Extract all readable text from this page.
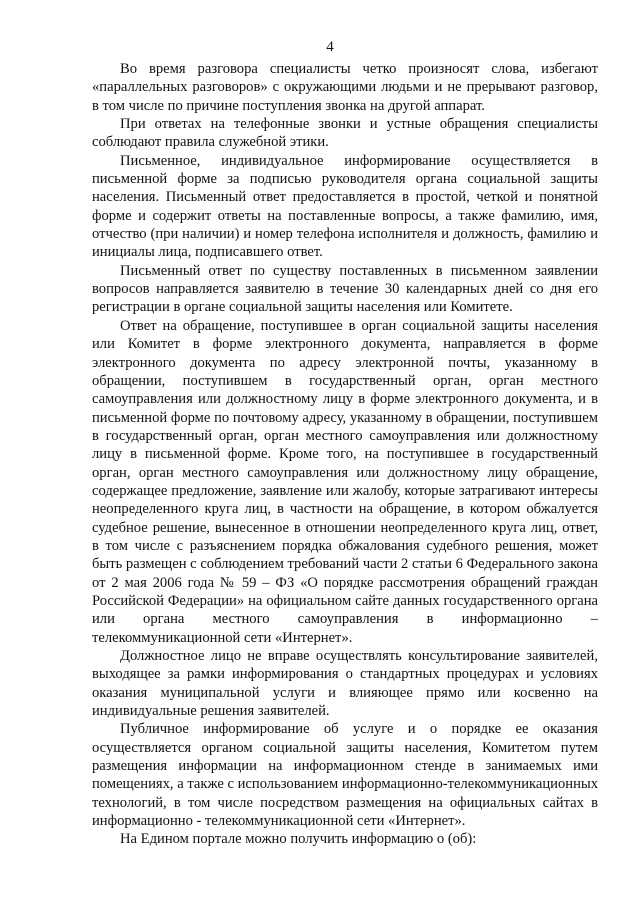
4

Во время разговора специалисты четко произносят слова, избегают «параллельных разговоров» с окружающими людьми и не прерывают разговор, в том числе по причине поступления звонка на другой аппарат.

При ответах на телефонные звонки и устные обращения специалисты соблюдают правила служебной этики.

Письменное, индивидуальное информирование осуществляется в письменной форме за подписью руководителя органа социальной защиты населения. Письменный ответ предоставляется в простой, четкой и понятной форме и содержит ответы на поставленные вопросы, а также фамилию, имя, отчество (при наличии) и номер телефона исполнителя и должность, фамилию и инициалы лица, подписавшего ответ.

Письменный ответ по существу поставленных в письменном заявлении вопросов направляется заявителю в течение 30 календарных дней со дня его регистрации в органе социальной защиты населения или Комитете.

Ответ на обращение, поступившее в орган социальной защиты населения или Комитет в форме электронного документа, направляется в форме электронного документа по адресу электронной почты, указанному в обращении, поступившем в государственный орган, орган местного самоуправления или должностному лицу в форме электронного документа, и в письменной форме по почтовому адресу, указанному в обращении, поступившем в государственный орган, орган местного самоуправления или должностному лицу в письменной форме. Кроме того, на поступившее в государственный орган, орган местного самоуправления или должностному лицу обращение, содержащее предложение, заявление или жалобу, которые затрагивают интересы неопределенного круга лиц, в частности на обращение, в котором обжалуется судебное решение, вынесенное в отношении неопределенного круга лиц, ответ, в том числе с разъяснением порядка обжалования судебного решения, может быть размещен с соблюдением требований части 2 статьи 6 Федерального закона от 2 мая 2006 года № 59 – ФЗ «О порядке рассмотрения обращений граждан Российской Федерации» на официальном сайте данных государственного органа или органа местного самоуправления в информационно – телекоммуникационной сети «Интернет».

Должностное лицо не вправе осуществлять консультирование заявителей, выходящее за рамки информирования о стандартных процедурах и условиях оказания муниципальной услуги и влияющее прямо или косвенно на индивидуальные решения заявителей.

Публичное информирование об услуге и о порядке ее оказания осуществляется органом социальной защиты населения, Комитетом путем размещения информации на информационном стенде в занимаемых ими помещениях, а также с использованием информационно-телекоммуникационных технологий, в том числе посредством размещения на официальных сайтах в информационно - телекоммуникационной сети «Интернет».

На Едином портале можно получить информацию о (об):
